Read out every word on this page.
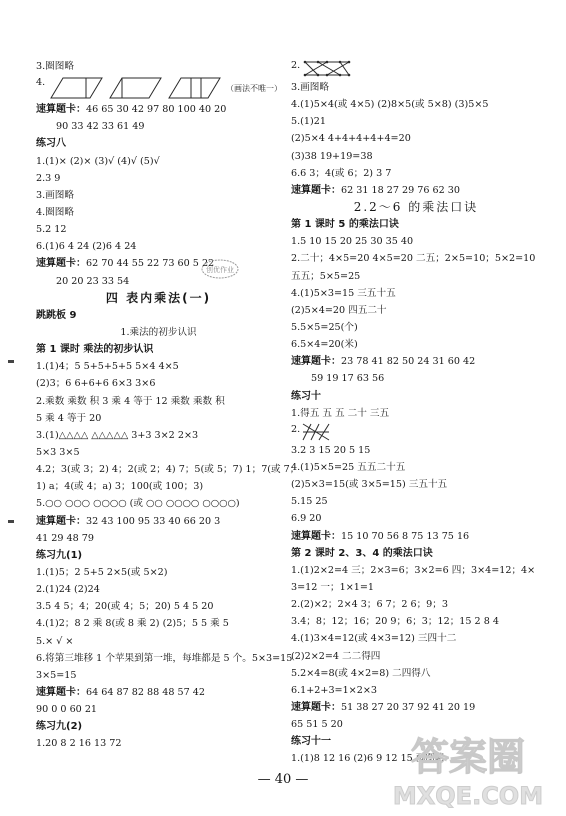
3.圈图略
4.
（画法不唯一）
速算题卡：46 65 30 42 97 80 100 40 20
90 33 42 33 61 49
练习八
1.(1)× (2)× (3)√ (4)√ (5)√
2.3 9
3.画图略
4.圈图略
5.2 12
6.(1)6 4 24 (2)6 4 24
速算题卡：62 70 44 55 22 73 60 5 22
20 20 23 33 54
四 表内乘法(一)
跳跳板 9
1.乘法的初步认识
第 1 课时 乘法的初步认识
1.(1)4；5 5+5+5+5 5×4 4×5
(2)3；6 6+6+6 6×3 3×6
2.乘数 乘数 积 3 乘 4 等于 12 乘数 乘数 积
5 乘 4 等于 20
3.(1)△△△△ △△△△△ 3+3 3×2 2×3
5×3 3×5
4.2；3(或 3；2) 4；2(或 2；4) 7；5(或 5；7) 1；7(或 7；
1) a；4(或 4；a) 3；100(或 100；3)
5.○○ ○○○ ○○○○ (或 ○○ ○○○○ ○○○○)
速算题卡：32 43 100 95 33 40 66 20 3
41 29 48 79
练习九(1)
1.(1)5；2 5+5 2×5(或 5×2)
2.(1)24 (2)24
3.5 4 5；4；20(或 4；5；20) 5 4 5 20
4.(1)2；8 2 乘 8(或 8 乘 2) (2)5；5 5 乘 5
5.× √ ×
6.将第三堆移 1 个苹果到第一堆，每堆都是 5 个。5×3=15
3×5=15
速算题卡：64 64 87 82 88 48 57 42
90 0 0 60 21
练习九(2)
1.20 8 2 16 13 72
2.
3.画图略
4.(1)5×4(或 4×5) (2)8×5(或 5×8) (3)5×5
5.(1)21
(2)5×4 4+4+4+4+4=20
(3)38 19+19=38
6.6 3；4(或 6；2) 3 7
速算题卡：62 31 18 27 29 76 62 30
2.2～6 的乘法口诀
第 1 课时 5 的乘法口诀
1.5 10 15 20 25 30 35 40
2.二十；4×5=20 4×5=20 二五；2×5=10；5×2=10
五五；5×5=25
4.(1)5×3=15 三五十五
(2)5×4=20 四五二十
5.5×5=25(个)
6.5×4=20(米)
速算题卡：23 78 41 82 50 24 31 60 42
59 19 17 63 56
练习十
1.得五 五 五 二十 三五
2.
3.2 3 15 20 5 15
4.(1)5×5=25 五五二十五
(2)5×3=15(或 3×5=15) 三五十五
5.15 25
6.9 20
速算题卡：15 10 70 56 8 75 13 75 16
第 2 课时 2、3、4 的乘法口诀
1.(1)2×2=4 三；2×3=6；3×2=6 四；3×4=12；4×
3=12 一；1×1=1
2.(2)×2；2×4 3；6 7；2 6；9；3
3.4；8；12；16；20 9；6；3；12；15 2 8 4
4.(1)3×4=12(或 4×3=12) 三四十二
(2)2×2=4 二二得四
5.2×4=8(或 4×2=8) 二四得八
6.1+2+3=1×2×3
速算题卡：51 38 27 20 37 92 41 20 19
65 51 5 20
练习十一
1.(1)8 12 16 (2)6 9 12 15 画图略
创优作业
— 40 —
答案圈
MXQE.COM
